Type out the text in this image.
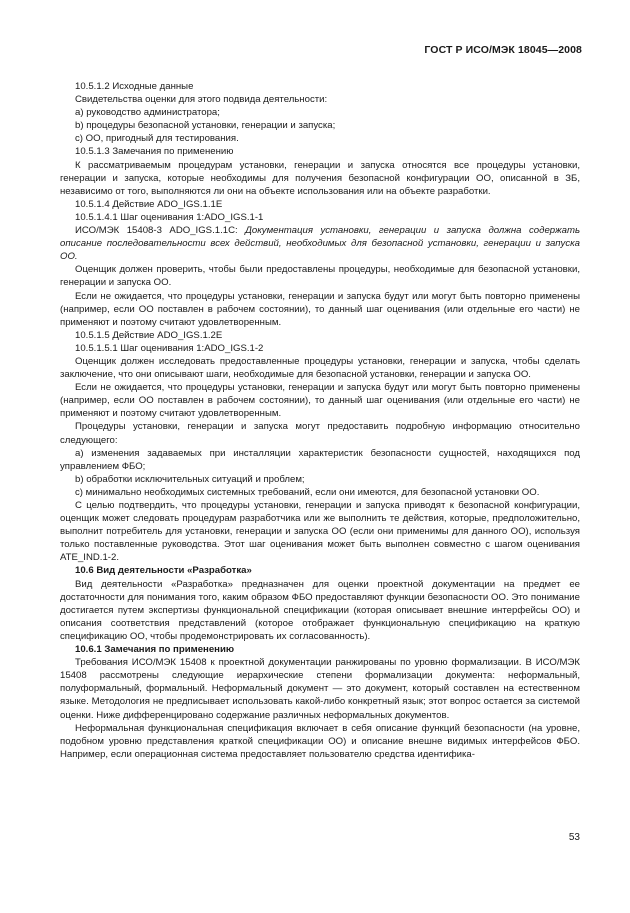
ГОСТ Р ИСО/МЭК 18045—2008

10.5.1.2 Исходные данные

Свидетельства оценки для этого подвида деятельности:

a) руководство администратора;

b) процедуры безопасной установки, генерации и запуска;

c) ОО, пригодный для тестирования.

10.5.1.3 Замечания по применению

К рассматриваемым процедурам установки, генерации и запуска относятся все процедуры установки, генерации и запуска, которые необходимы для получения безопасной конфигурации ОО, описанной в ЗБ, независимо от того, выполняются ли они на объекте использования или на объекте разработки.

10.5.1.4 Действие ADO_IGS.1.1E

10.5.1.4.1 Шаг оценивания 1:ADO_IGS.1-1

ИСО/МЭК 15408-3 ADO_IGS.1.1C: Документация установки, генерации и запуска должна содержать описание последовательности всех действий, необходимых для безопасной установки, генерации и запуска ОО.

Оценщик должен проверить, чтобы были предоставлены процедуры, необходимые для безопасной установки, генерации и запуска ОО.

Если не ожидается, что процедуры установки, генерации и запуска будут или могут быть повторно применены (например, если ОО поставлен в рабочем состоянии), то данный шаг оценивания (или отдельные его части) не применяют и поэтому считают удовлетворенным.

10.5.1.5 Действие ADO_IGS.1.2E

10.5.1.5.1 Шаг оценивания 1:ADO_IGS.1-2

Оценщик должен исследовать предоставленные процедуры установки, генерации и запуска, чтобы сделать заключение, что они описывают шаги, необходимые для безопасной установки, генерации и запуска ОО.

Если не ожидается, что процедуры установки, генерации и запуска будут или могут быть повторно применены (например, если ОО поставлен в рабочем состоянии), то данный шаг оценивания (или отдельные его части) не применяют и поэтому считают удовлетворенным.

Процедуры установки, генерации и запуска могут предоставить подробную информацию относительно следующего:

a) изменения задаваемых при инсталляции характеристик безопасности сущностей, находящихся под управлением ФБО;

b) обработки исключительных ситуаций и проблем;

c) минимально необходимых системных требований, если они имеются, для безопасной установки ОО.

С целью подтвердить, что процедуры установки, генерации и запуска приводят к безопасной конфигурации, оценщик может следовать процедурам разработчика или же выполнить те действия, которые, предположительно, выполнит потребитель для установки, генерации и запуска ОО (если они применимы для данного ОО), используя только поставленные руководства. Этот шаг оценивания может быть выполнен совместно с шагом оценивания ATE_IND.1-2.

10.6 Вид деятельности «Разработка»

Вид деятельности «Разработка» предназначен для оценки проектной документации на предмет ее достаточности для понимания того, каким образом ФБО предоставляют функции безопасности ОО. Это понимание достигается путем экспертизы функциональной спецификации (которая описывает внешние интерфейсы ОО) и описания соответствия представлений (которое отображает функциональную спецификацию на краткую спецификацию ОО, чтобы продемонстрировать их согласованность).

10.6.1 Замечания по применению

Требования ИСО/МЭК 15408 к проектной документации ранжированы по уровню формализации. В ИСО/МЭК 15408 рассмотрены следующие иерархические степени формализации документа: неформальный, полуформальный, формальный. Неформальный документ — это документ, который составлен на естественном языке. Методология не предписывает использовать какой-либо конкретный язык; этот вопрос остается за системой оценки. Ниже дифференцировано содержание различных неформальных документов.

Неформальная функциональная спецификация включает в себя описание функций безопасности (на уровне, подобном уровню представления краткой спецификации ОО) и описание внешне видимых интерфейсов ФБО. Например, если операционная система предоставляет пользователю средства идентифика-

53
